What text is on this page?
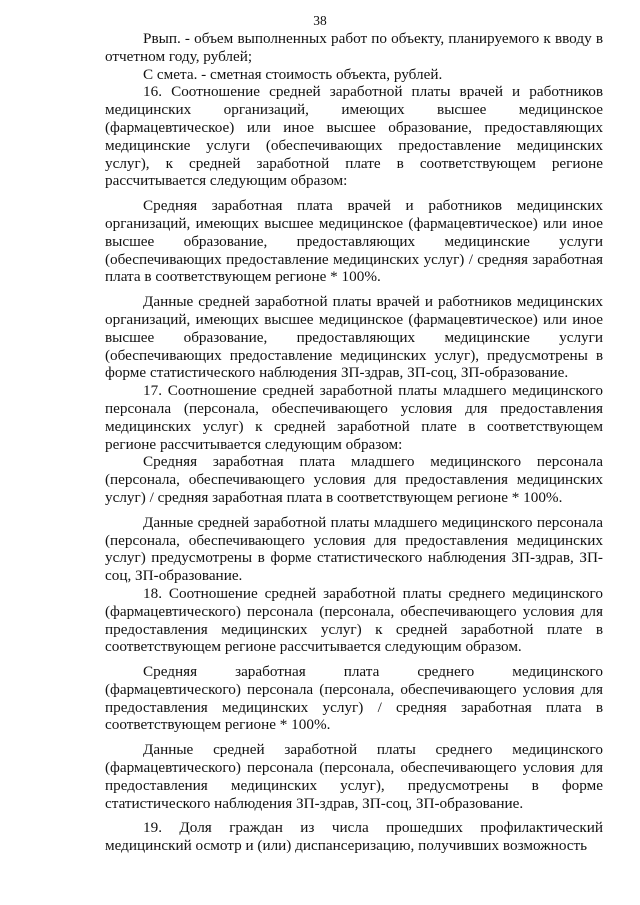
38

Рвып. - объем выполненных работ по объекту, планируемого к вводу в отчетном году, рублей;

С смета. - сметная стоимость объекта, рублей.

16. Соотношение средней заработной платы врачей и работников медицинских организаций, имеющих высшее медицинское (фармацевтическое) или иное высшее образование, предоставляющих медицинские услуги (обеспечивающих предоставление медицинских услуг), к средней заработной плате в соответствующем регионе рассчитывается следующим образом:

Средняя заработная плата врачей и работников медицинских организаций, имеющих высшее медицинское (фармацевтическое) или иное высшее образование, предоставляющих медицинские услуги (обеспечивающих предоставление медицинских услуг) / средняя заработная плата в соответствующем регионе * 100%.

Данные средней заработной платы врачей и работников медицинских организаций, имеющих высшее медицинское (фармацевтическое) или иное высшее образование, предоставляющих медицинские услуги (обеспечивающих предоставление медицинских услуг), предусмотрены в форме статистического наблюдения ЗП-здрав, ЗП-соц, ЗП-образование.

17. Соотношение средней заработной платы младшего медицинского персонала (персонала, обеспечивающего условия для предоставления медицинских услуг) к средней заработной плате в соответствующем регионе рассчитывается следующим образом:

Средняя заработная плата младшего медицинского персонала (персонала, обеспечивающего условия для предоставления медицинских услуг) / средняя заработная плата в соответствующем регионе * 100%.

Данные средней заработной платы младшего медицинского персонала (персонала, обеспечивающего условия для предоставления медицинских услуг) предусмотрены в форме статистического наблюдения ЗП-здрав, ЗП-соц, ЗП-образование.

18. Соотношение средней заработной платы среднего медицинского (фармацевтического) персонала (персонала, обеспечивающего условия для предоставления медицинских услуг) к средней заработной плате в соответствующем регионе рассчитывается следующим образом.

Средняя заработная плата среднего медицинского (фармацевтического) персонала (персонала, обеспечивающего условия для предоставления медицинских услуг) / средняя заработная плата в соответствующем регионе * 100%.

Данные средней заработной платы среднего медицинского (фармацевтического) персонала (персонала, обеспечивающего условия для предоставления медицинских услуг), предусмотрены в форме статистического наблюдения ЗП-здрав, ЗП-соц, ЗП-образование.

19. Доля граждан из числа прошедших профилактический медицинский осмотр и (или) диспансеризацию, получивших возможность
